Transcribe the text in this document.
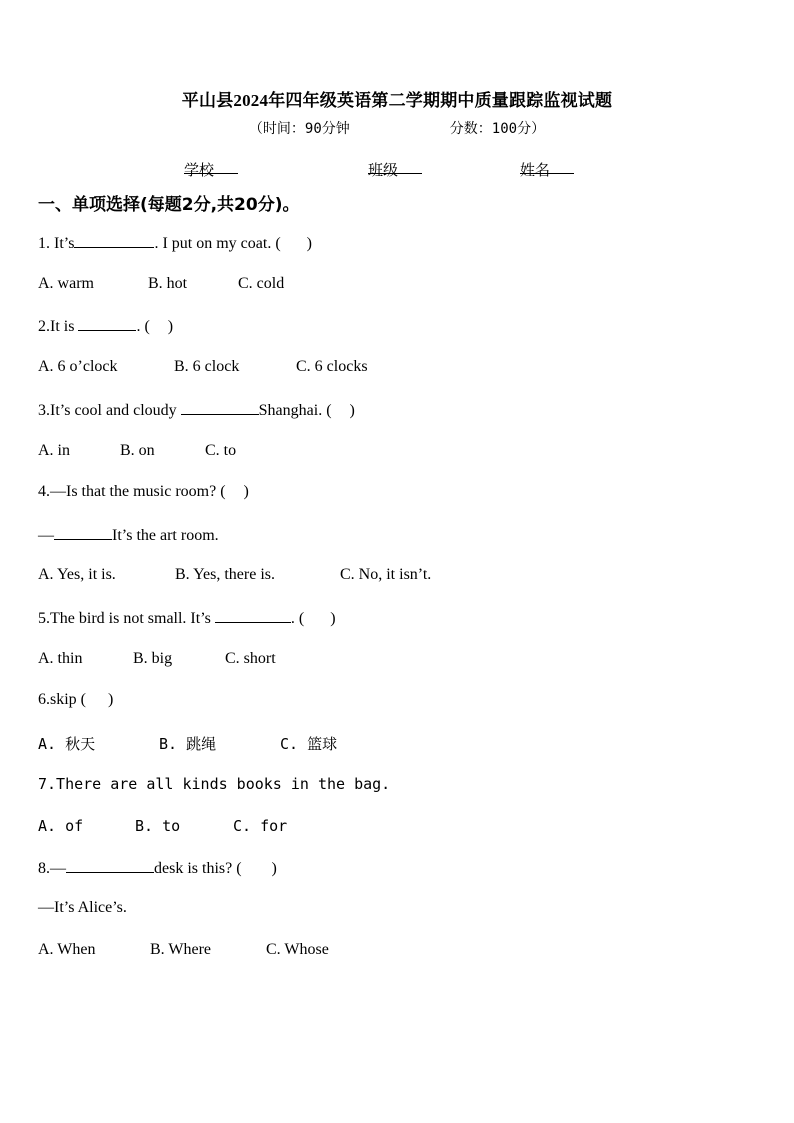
平山县2024年四年级英语第二学期期中质量跟踪监视试题
（时间：90分钟	分数：100分）
学校	班级	姓名
一、单项选择(每题2分,共20分)。
1. It’s	. I put on my coat. ( )
A. warm	B. hot	C. cold
2.It is	. ( )
A. 6 o’clock	B. 6 clock	C. 6 clocks
3.It’s cool and cloudy	Shanghai. ( )
A. in	B. on	C. to
4.—Is that the music room? ( )
—	It’s the art room.
A. Yes, it is.	B. Yes, there is.	C. No, it isn’t.
5.The bird is not small. It’s	. ( )
A. thin	B. big	C. short
6.skip ( )
A. 秋天	B. 跳绳	C. 篮球
7.There are all kinds books in the bag.
A. of	B. to	C. for
8.—	desk is this? ( )
—It’s Alice’s.
A. When	B. Where	C. Whose
